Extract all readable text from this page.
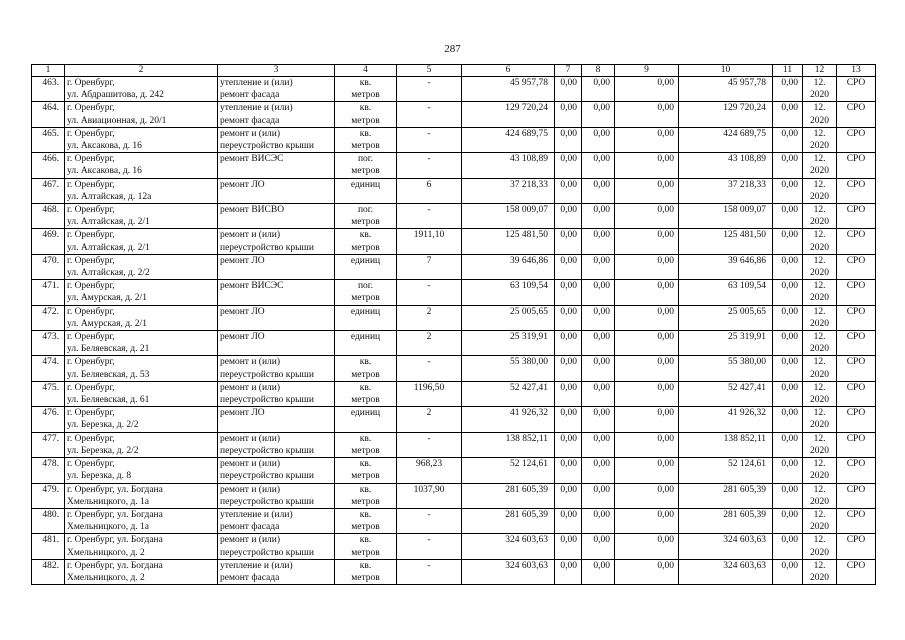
287
1	2	3	4	5	6	7	8	9	10	11	12	13
463.	г. Оренбург,
ул. Абдрашитова, д. 242	утепление и (или)
ремонт фасада	кв.
метров	-	45 957,78	0,00	0,00	0,00	45 957,78	0,00	12.
2020	СРО
464.	г. Оренбург,
ул. Авиационная, д. 20/1	утепление и (или)
ремонт фасада	кв.
метров	-	129 720,24	0,00	0,00	0,00	129 720,24	0,00	12.
2020	СРО
465.	г. Оренбург,
ул. Аксакова, д. 16	ремонт и (или)
переустройство крыши	кв.
метров	-	424 689,75	0,00	0,00	0,00	424 689,75	0,00	12.
2020	СРО
466.	г. Оренбург,
ул. Аксакова, д. 16	ремонт ВИСЭС	пог.
метров	-	43 108,89	0,00	0,00	0,00	43 108,89	0,00	12.
2020	СРО
467.	г. Оренбург,
ул. Алтайская, д. 12а	ремонт ЛО	единиц	6	37 218,33	0,00	0,00	0,00	37 218,33	0,00	12.
2020	СРО
468.	г. Оренбург,
ул. Алтайская, д. 2/1	ремонт ВИСВО	пог.
метров	-	158 009,07	0,00	0,00	0,00	158 009,07	0,00	12.
2020	СРО
469.	г. Оренбург,
ул. Алтайская, д. 2/1	ремонт и (или)
переустройство крыши	кв.
метров	1911,10	125 481,50	0,00	0,00	0,00	125 481,50	0,00	12.
2020	СРО
470.	г. Оренбург,
ул. Алтайская, д. 2/2	ремонт ЛО	единиц	7	39 646,86	0,00	0,00	0,00	39 646,86	0,00	12.
2020	СРО
471.	г. Оренбург,
ул. Амурская, д. 2/1	ремонт ВИСЭС	пог.
метров	-	63 109,54	0,00	0,00	0,00	63 109,54	0,00	12.
2020	СРО
472.	г. Оренбург,
ул. Амурская, д. 2/1	ремонт ЛО	единиц	2	25 005,65	0,00	0,00	0,00	25 005,65	0,00	12.
2020	СРО
473.	г. Оренбург,
ул. Беляевская, д. 21	ремонт ЛО	единиц	2	25 319,91	0,00	0,00	0,00	25 319,91	0,00	12.
2020	СРО
474.	г. Оренбург,
ул. Беляевская, д. 53	ремонт и (или)
переустройство крыши	кв.
метров	-	55 380,00	0,00	0,00	0,00	55 380,00	0,00	12.
2020	СРО
475.	г. Оренбург,
ул. Беляевская, д. 61	ремонт и (или)
переустройство крыши	кв.
метров	1196,50	52 427,41	0,00	0,00	0,00	52 427,41	0,00	12.
2020	СРО
476.	г. Оренбург,
ул. Березка, д. 2/2	ремонт ЛО	единиц	2	41 926,32	0,00	0,00	0,00	41 926,32	0,00	12.
2020	СРО
477.	г. Оренбург,
ул. Березка, д. 2/2	ремонт и (или)
переустройство крыши	кв.
метров	-	138 852,11	0,00	0,00	0,00	138 852,11	0,00	12.
2020	СРО
478.	г. Оренбург,
ул. Березка, д. 8	ремонт и (или)
переустройство крыши	кв.
метров	968,23	52 124,61	0,00	0,00	0,00	52 124,61	0,00	12.
2020	СРО
479.	г. Оренбург, ул. Богдана
Хмельницкого, д. 1а	ремонт и (или)
переустройство крыши	кв.
метров	1037,90	281 605,39	0,00	0,00	0,00	281 605,39	0,00	12.
2020	СРО
480.	г. Оренбург, ул. Богдана
Хмельницкого, д. 1а	утепление и (или)
ремонт фасада	кв.
метров	-	281 605,39	0,00	0,00	0,00	281 605,39	0,00	12.
2020	СРО
481.	г. Оренбург, ул. Богдана
Хмельницкого, д. 2	ремонт и (или)
переустройство крыши	кв.
метров	-	324 603,63	0,00	0,00	0,00	324 603,63	0,00	12.
2020	СРО
482.	г. Оренбург, ул. Богдана
Хмельницкого, д. 2	утепление и (или)
ремонт фасада	кв.
метров	-	324 603,63	0,00	0,00	0,00	324 603,63	0,00	12.
2020	СРО
